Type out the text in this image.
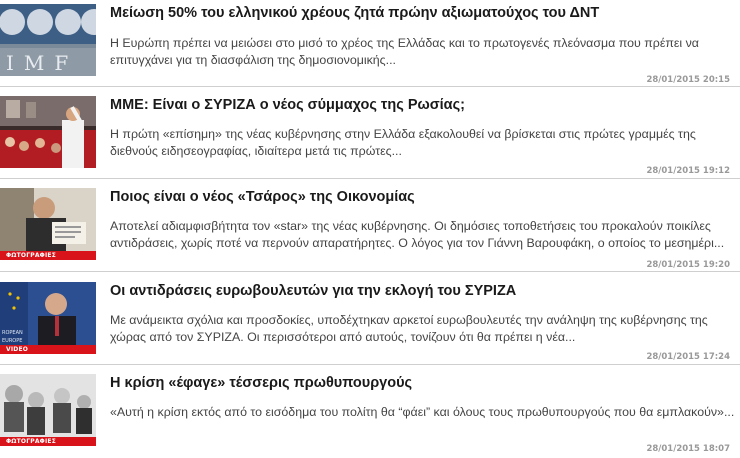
IMF
Μείωση 50% του ελληνικού χρέους ζητά πρώην αξιωματούχος του ΔΝΤ
Η Ευρώπη πρέπει να μειώσει στο μισό το χρέος της Ελλάδας και το πρωτογενές πλεόνασμα που πρέπει να επιτυγχάνει για τη διασφάλιση της δημοσιονομικής...
28/01/2015 20:15
ΜΜΕ: Είναι ο ΣΥΡΙΖΑ ο νέος σύμμαχος της Ρωσίας;
Η πρώτη «επίσημη» της νέας κυβέρνησης στην Ελλάδα εξακολουθεί να βρίσκεται στις πρώτες γραμμές της διεθνούς ειδησεογραφίας, ιδιαίτερα μετά τις πρώτες...
28/01/2015 19:12
ΦΩΤΟΓΡΑΦΙΕΣ
Ποιος είναι ο νέος «Τσάρος» της Οικονομίας
Αποτελεί αδιαμφισβήτητα τον «star» της νέας κυβέρνησης. Οι δημόσιες τοποθετήσεις του προκαλούν ποικίλες αντιδράσεις, χωρίς ποτέ να περνούν απαρατήρητες. Ο λόγος για τον Γιάννη Βαρουφάκη, ο οποίος το μεσημέρι...
28/01/2015 19:20
ROPEAN
EUROPE
VIDEO
Οι αντιδράσεις ευρωβουλευτών για την εκλογή του ΣΥΡΙΖΑ
Με ανάμεικτα σχόλια και προσδοκίες, υποδέχτηκαν αρκετοί ευρωβουλευτές την ανάληψη της κυβέρνησης της χώρας από τον ΣΥΡΙΖΑ. Οι περισσότεροι από αυτούς, τονίζουν ότι θα πρέπει η νέα...
28/01/2015 17:24
ΦΩΤΟΓΡΑΦΙΕΣ
Η κρίση «έφαγε» τέσσερις πρωθυπουργούς
«Αυτή η κρίση εκτός από το εισόδημα του πολίτη θα “φάει” και όλους τους πρωθυπουργούς που θα εμπλακούν»...
28/01/2015 18:07
